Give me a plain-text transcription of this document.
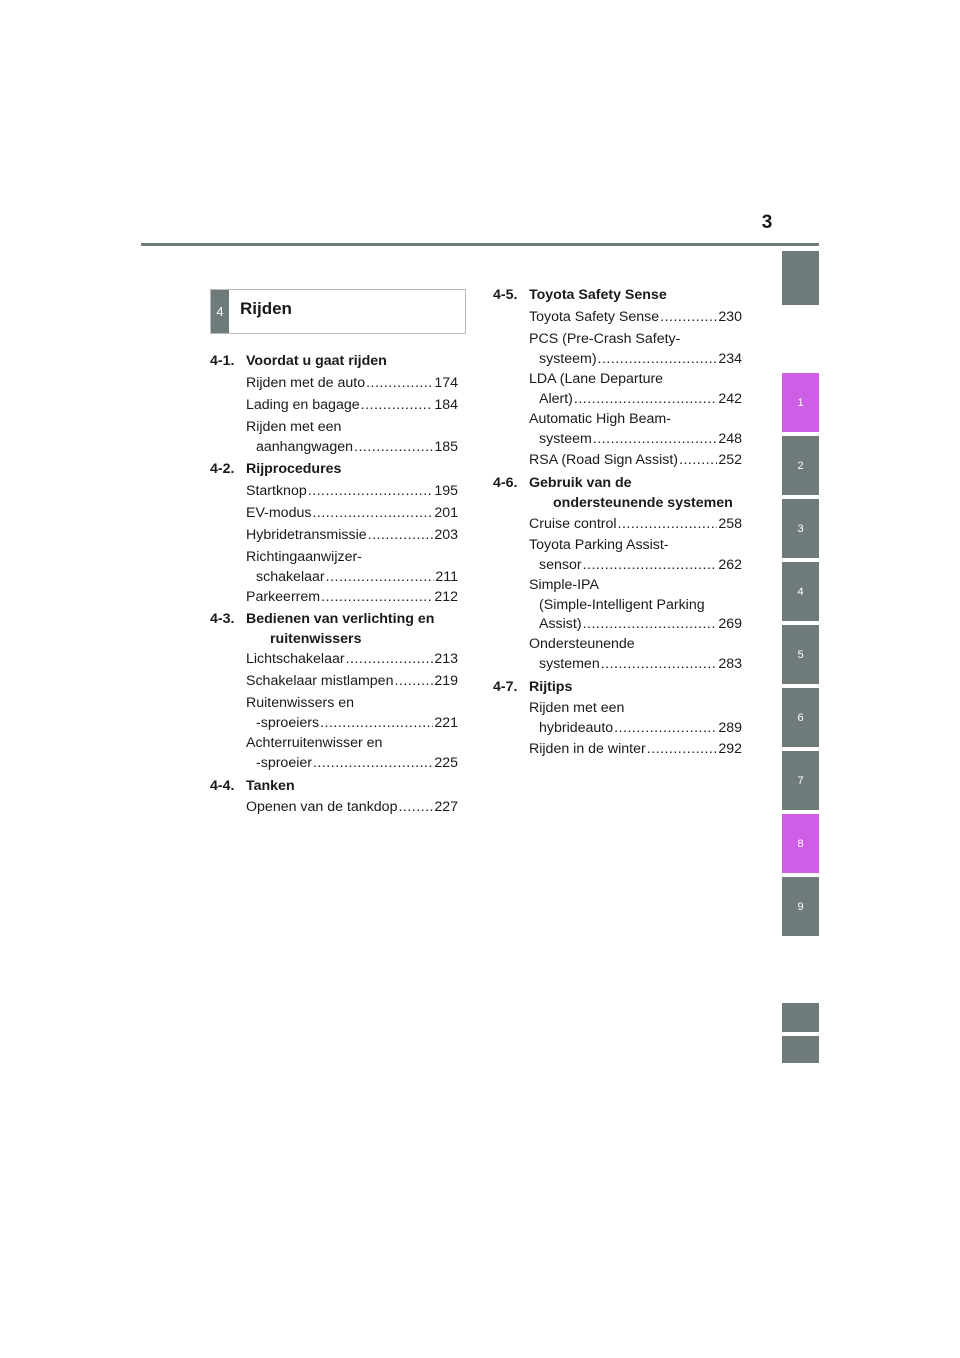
3
1
2
3
4
5
6
7
8
9
4 Rijden
4-1. Voordat u gaat rijden
Rijden met de auto .....	174
Lading en bagage .....	184
Rijden met een
aanhangwagen .....	185
4-2. Rijprocedures
Startknop .....	195
EV-modus .....	201
Hybridetransmissie .....	203
Richtingaanwijzer-
schakelaar .....	211
Parkeerrem .....	212
4-3. Bedienen van verlichting en
ruitenwissers
Lichtschakelaar .....	213
Schakelaar mistlampen .....	219
Ruitenwissers en
-sproeiers .....	221
Achterruitenwisser en
-sproeier .....	225
4-4. Tanken
Openen van de tankdop .....	227
4-5. Toyota Safety Sense
Toyota Safety Sense .....	230
PCS (Pre-Crash Safety-
systeem) .....	234
LDA (Lane Departure
Alert) .....	242
Automatic High Beam-
systeem .....	248
RSA (Road Sign Assist) .....	252
4-6. Gebruik van de
ondersteunende systemen
Cruise control .....	258
Toyota Parking Assist-
sensor .....	262
Simple-IPA
(Simple-Intelligent Parking
Assist) .....	269
Ondersteunende
systemen .....	283
4-7. Rijtips
Rijden met een
hybrideauto .....	289
Rijden in de winter .....	292
